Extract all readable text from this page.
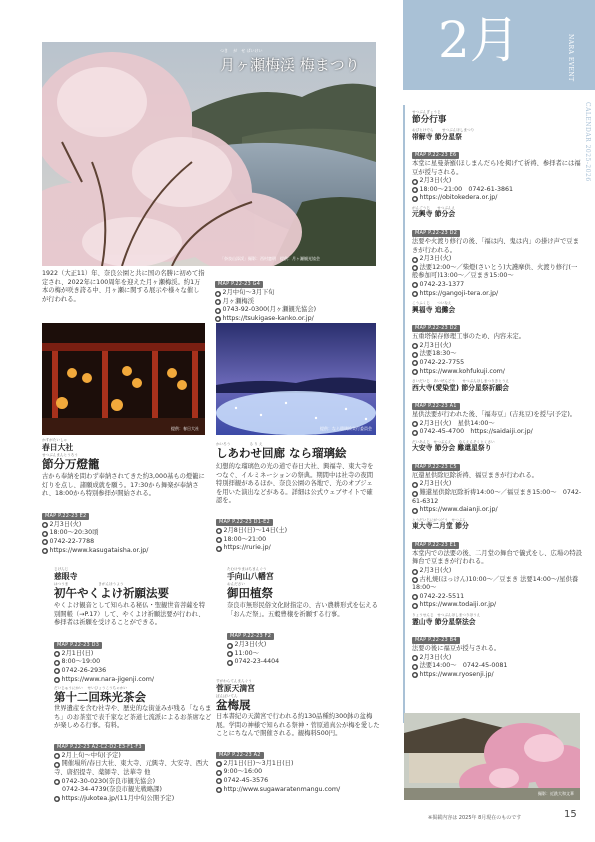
2月	NARA EVENT
CALENDAR 2025-2026
つき　 が　せ ばいけい
月ヶ瀬梅渓 梅まつり
「奈良山添渓」撮影：西村憲明　提供：月ヶ瀬観光協会
1922（大正11）年、奈良公園と共に国の名勝に初めて指定され、2022年に100周年を迎えた月ヶ瀬梅渓。約1万本の梅が咲き誇る中、月ヶ瀬に関する展示や様々な催しが行われる。
MAP P.22-23 G4
● 2月中旬〜3月下旬
● 月ヶ瀬梅渓
● 0743-92-0300(月ヶ瀬観光協会)
● https://tsukigase-kanko.or.jp/
提供：春日大社
かすがたいしゃ
春日大社
せつぶんまんとうろう
節分万燈籠
古から奉納を問わず奉納されてきた約3,000基もの燈籠に灯りを点し、諸願成就を願う。17:30から舞楽が奉納され、18:00から特別参拝が開始される。
MAP P.22-23 E2
● 2月3日(火)
● 18:00〜20:30頃
● 0742-22-7788
● https://www.kasugataisha.or.jp/
提供：なら瑠璃絵実行委員会
かいろう　　　　　 る り え
しあわせ回廊 なら瑠璃絵
幻想的な瑠璃色の光の道で春日大社、興福寺、東大寺をつなぐ、イルミネーションの祭典。期間中は社寺の夜間特別拝観があるほか、奈良公園の各地で、光のオブジェを用いた演出などがある。詳細は公式ウェブサイトで確認を。
MAP P.22-23 D1-E2
● 2月8日(日)〜14日(土)
● 18:00〜21:00
● https://rurie.jp/
じげんじ
慈眼寺
はつうま　　　　　　　　 きがんほうよう
初午やくよけ祈願法要
やくよけ観音として知られる秘仏・聖観世音菩薩を特別開帳（→P.17）して、やくよけ祈願法要が行われ、参拝者は祈願を受けることができる。
MAP P.22-23 D3
● 2月1日(日)
● 8:00〜19:00
● 0742-26-2936
● https://www.nara-jigenji.com/
たむけやまはちまんぐう
手向山八幡宮
おんださい
御田植祭
奈良市無形民俗文化財指定の、古い農耕形式を伝える「おんだ祭」。五穀豊穣を祈願する行事。
MAP P.22-23 F2
● 2月3日(火)
● 11:00〜
● 0742-23-4404
だいじゅうにかい　 せいひょうこうちゃかい
第十二回珠光茶会
世界遺産を含む社寺や、歴史的な街並みが残る「ならまち」のお茶室で表千家など茶道七流派によるお茶席などが楽しめる行事。有料。
MAP P.22-23 A2·C2·D2·E3·F1·F3
● 2月上旬〜中旬(予定)
● 開催場所/春日大社、東大寺、元興寺、大安寺、西大寺、唐招提寺、薬師寺、法華寺 他
● 0742-30-0230(奈良市観光協会)
0742-34-4739(奈良市観光戦略課)
● https://jukotea.jp/(11月中旬公開予定)
すがわらてんまんぐう
菅原天満宮
ぼんばいてん
盆梅展
日本書紀の天満宮で行われる約130品種約300鉢の盆梅展。学問の神様で知られる祭神・菅原道真公が梅を愛したことにちなんで開催される。観梅料500円。
MAP P.22-23 A2
● 2月1日(日)〜3月1日(日)
● 9:00〜16:00
● 0742-45-3576
● http://www.sugawaratenmangu.com/
せつぶんぎょうじ
節分行事
おびとけでら　　 せつぶんほしまつり
帯解寺 節分星祭
MAP P.22-23 E6
本堂に星曼荼羅(ほしまんだら)を掲げて祈祷、参拝者には福豆が授与される。
● 2月3日(火)
● 18:00〜21:00　0742-61-3861
● https://obitokedera.or.jp/
がんごうじ　　せつぶんえ
元興寺 節分会
MAP P.22-23 D2
法要や火渡り修行の後、「福は内、鬼は内」の掛け声で豆まきが行われる。
● 2月3日(火)
● 法要12:00〜／柴燈(さいとう)大護摩供、火渡り修行(一般参加可)13:00〜／豆まき15:00〜
● 0742-23-1377
● https://gangoji-tera.or.jp/
こうふくじ　　ついなえ
興福寺 追儺会
MAP P.22-23 D2
五重塔保存修理工事のため、内容未定。
● 2月3日(火)
● 法要18:30〜
● 0742-22-7755
● https://www.kohfukuji.com/
さいだいじ　あいぜんどう　　せつぶんほしまつりきとうえ
西大寺(愛染堂) 節分星祭祈願会
MAP P.22-23 A1
星供法要が行われた後、「福寿豆」(吉兆豆)を授与(予定)。
● 2月3日(火)　星供14:00〜
● 0742-45-4700　https://saidaiji.or.jp/
だいあんじ　せつぶんえ　　なんえんそくとくさい
大安寺 節分会 難還星祭り
MAP P.22-23 C5
厄還星供除厄除祈祷、福豆まきが行われる。
● 2月3日(火)
● 難還星供除厄除祈祷14:00〜／福豆まき15:00〜　0742-61-6312
● https://www.daianji.or.jp/
とうだいじにがつどう　せつぶん
東大寺二月堂 節分
MAP P.22-23 E1
本堂内での法要の後、二月堂の舞台で儀式をし、広場の特設舞台で豆まきが行われる。
● 2月3日(火)
● 古札焼(ほっけん)10:00〜／豆まき 法要14:00〜/星供養18:00〜
● 0742-22-5511
● https://www.todaiji.or.jp/
りょうせんじ　せつぶんほしまつりほうえ
霊山寺 節分星祭法会
MAP P.22-23 B4
法要の後に福豆が授与される。
● 2月3日(火)
● 法要14:00〜　0742-45-0081
● https://www.ryosenji.jp/
撮影：近鉄大和文華
※掲載内容は 2025年 8月現在のものです	15
